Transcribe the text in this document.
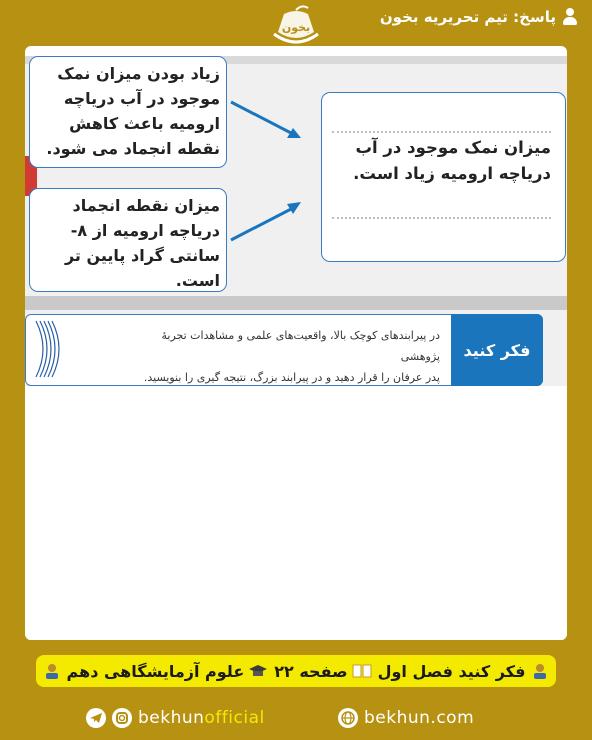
پاسخ: تیم تحریریه بخون
بخون

زیاد بودن میزان نمک

موجود در آب دریاچه

ارومیه باعث کاهش

نقطه انجماد می شود.

میزان نقطه انجماد

دریاچه ارومیه از ۸-

سانتی گراد پایین تر

است.

میزان نمک موجود در آب

دریاچه ارومیه زیاد است.

در پیرابندهای کوچک بالا، واقعیت‌های علمی و مشاهدات تجربهٔ پژوهشی
پدر عرفان را قرار دهید و در پیرابند بزرگ، نتیجه گیری را بنویسید.
فکر کنید
فکر کنید فصل اول
صفحه ۲۲
علوم آزمایشگاهی دهم
bekhunofficial	bekhun.com
